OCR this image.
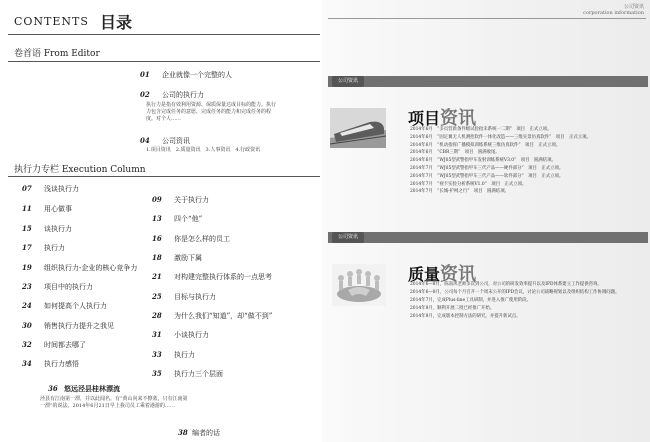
CONTENTS 目录
卷首语 From Editor
01 企业就像一个完整的人
02 公司的执行力
执行力是指有效利用资源、保质保量达成目标的能力。执行力包含完成任务的意愿，完成任务的能力和完成任务的程度。对个人……
04 公司资讯
1.项目资讯　2.质量资讯　3.人事资讯　4.行政资讯
执行力专栏 Execution Column
07 浅谈执行力
11 用心做事
15 谈执行力
17 执行力
19 组织执行力-企业的核心竞争力
23 项目中的执行力
24 如何提高个人执行力
30 销售执行力提升之我见
32 时间都去哪了
34 执行力感悟
09 关于执行力
13 四个“他”
16 你是怎么样的员工
18 激励下属
21 对构建完整执行体系的一点思考
25 目标与执行力
28 为什么我们“知道”，却“做不到”
31 小谈执行力
33 执行力
35 执行力三个层面
36 悠远泾县桂林漂流
泾县有江南第一漂，并以此闻名。有“黄山向来不擦蓝，只有江南第一漂”的说法。2014年6月21日早上我司员工乘着港游的……
38 编者的话
公司资讯
corporation information
公司资讯
项目资讯
2014年6月　“多员营新条件级试验指未系统一二期”　项目　正式立项。
2014年6月　“固定翼无人机测控软件一体化改造——三维实景仿真软件”　项目　正式立项。
2014年6月　“机动指挥广播模拟训练系统三维仿真软件”　项目　正式立项。
2014年6月　“CBR三期”　项目　圆满收尾。
2014年6月　“WJ05型武警指甲车发射训练系统V3.0”　项目　圆满结项。
2014年7月　“WJ05型武警指甲车三代产品——硬件部分”　项目　正式立项。
2014年7月　“WJ05型武警指甲车三代产品——软件部分”　项目　正式立项。
2014年7月　“视卡实验分析系统V1.0”　项目　正式立项。
2014年7月　“长城-护网之行”　项目　圆满结项。
公司资讯
质量资讯
2014年6—8月，陈南风老师多次到公司，对公司的研发效率提升以及IPD体系建立工作提供咨询。
2014年6—8月，公司每个月召开一个周末公开的IPD会议，讨论公司战略规划以及组织结构工作协调问题。
2014年7月，完成Plus-line工具研制，并进入推广使用阶段。
2014年8月，顺利开展二批已经推广开始。
2014年8月，完成版本控制方法的研究，并提升新试点。
